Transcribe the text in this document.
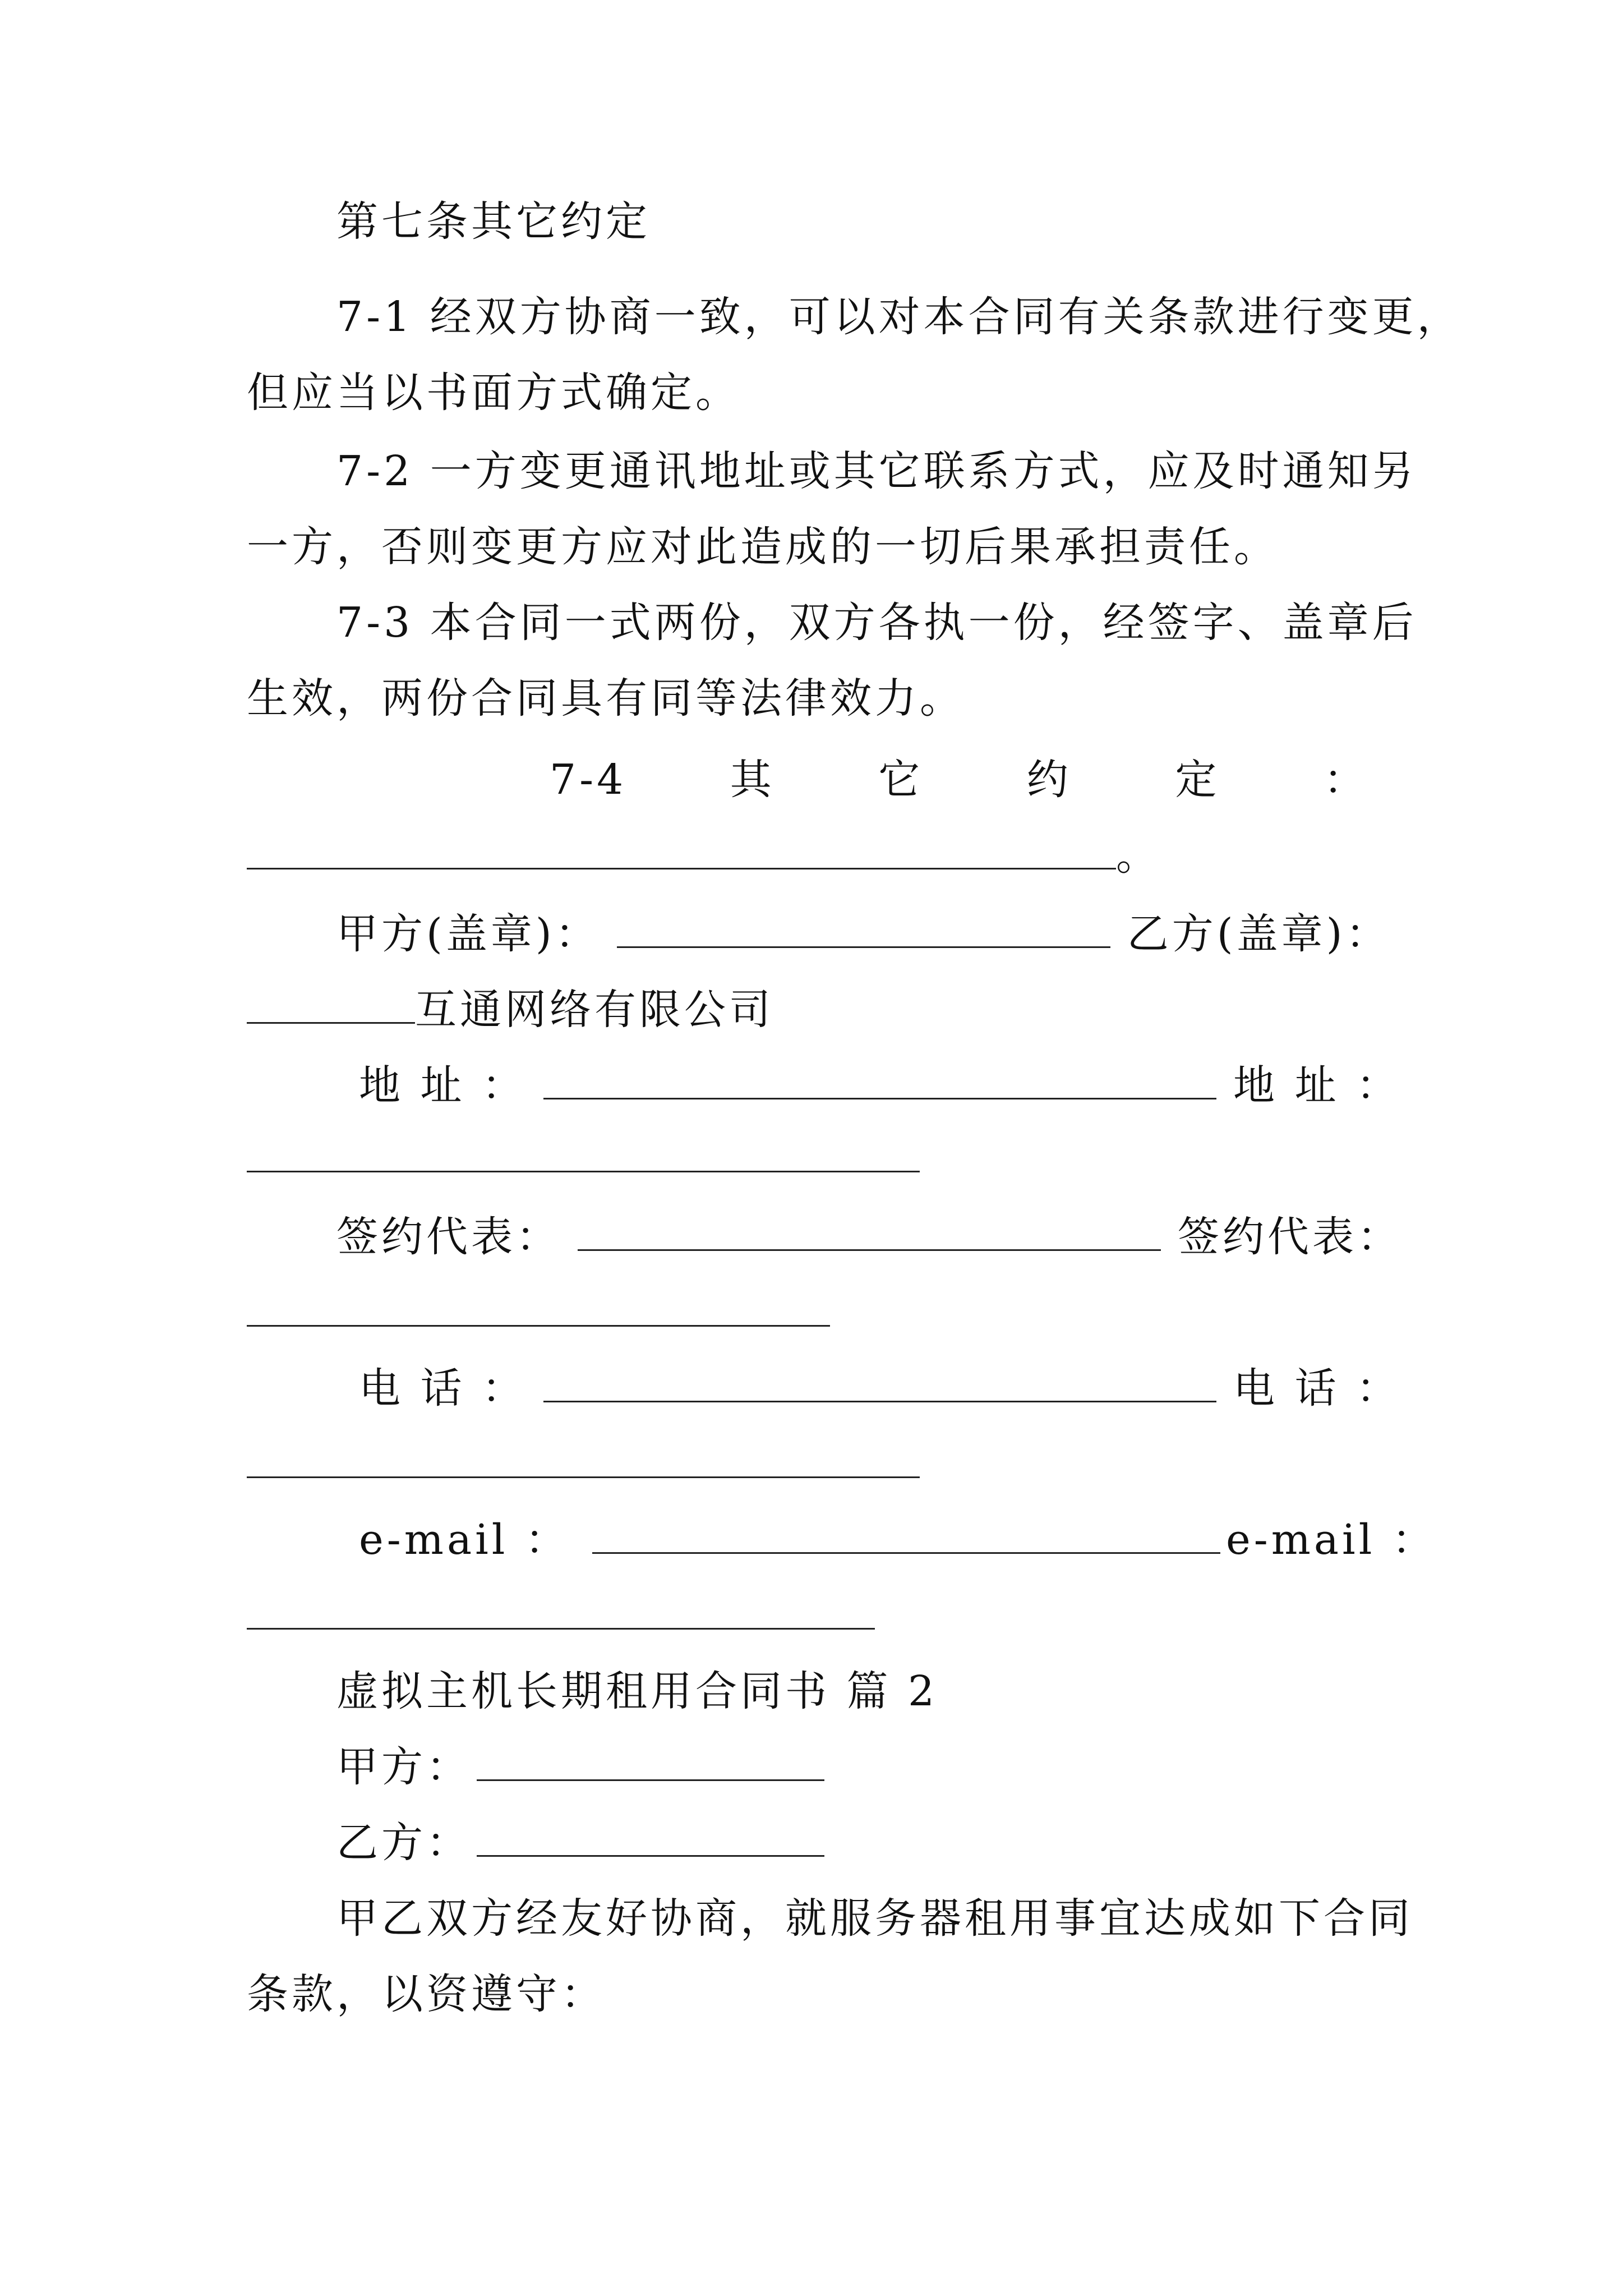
第七条其它约定
7-1 经双方协商一致，可以对本合同有关条款进行变更，
但应当以书面方式确定。
7-2 一方变更通讯地址或其它联系方式，应及时通知另
一方，否则变更方应对此造成的一切后果承担责任。
7-3 本合同一式两份，双方各执一份，经签字、盖章后
生效，两份合同具有同等法律效力。
7-4 其 它 约 定 ：
。
甲方(盖章)：	乙方(盖章)：
互通网络有限公司
地 址 ：	地 址 ：
签约代表：	签约代表：
电 话 ：	电 话 ：
e-mail ：	e-mail ：
虚拟主机长期租用合同书 篇 2
甲方：
乙方：
甲乙双方经友好协商，就服务器租用事宜达成如下合同
条款，以资遵守：
